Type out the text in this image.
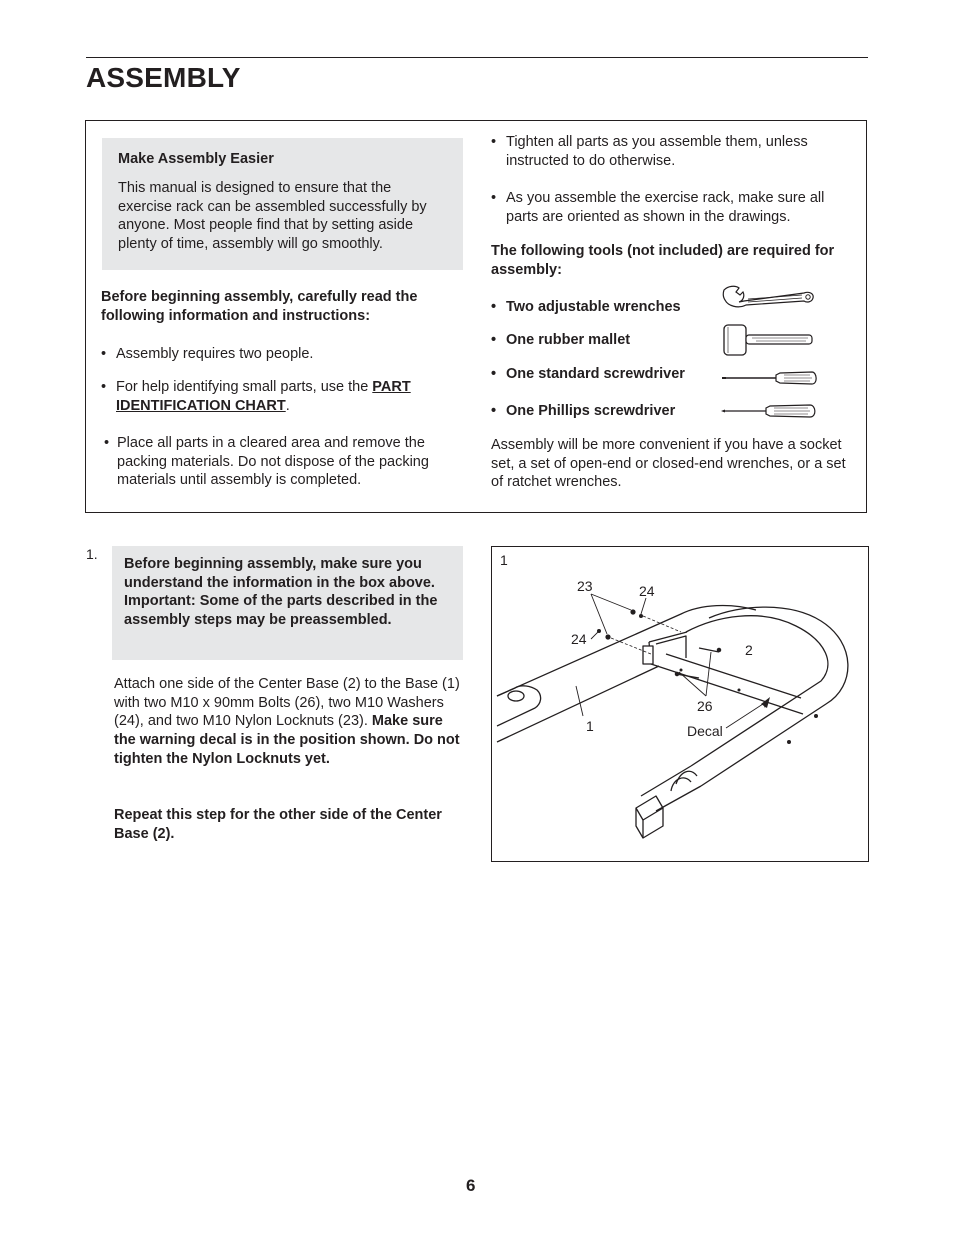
ASSEMBLY
Make Assembly Easier

This manual is designed to ensure that the exercise rack can be assembled successfully by anyone. Most people find that by setting aside plenty of time, assembly will go smoothly.

Before beginning assembly, carefully read the following information and instructions:

• Assembly requires two people.
• For help identifying small parts, use the PART IDENTIFICATION CHART.
• Place all parts in a cleared area and remove the packing materials. Do not dispose of the packing materials until assembly is completed.
• Tighten all parts as you assemble them, unless instructed to do otherwise.
• As you assemble the exercise rack, make sure all parts are oriented as shown in the drawings.

The following tools (not included) are required for assembly:

• Two adjustable wrenches
• One rubber mallet
• One standard screwdriver
• One Phillips screwdriver

Assembly will be more convenient if you have a socket set, a set of open-end or closed-end wrenches, or a set of ratchet wrenches.

1.

Before beginning assembly, make sure you understand the information in the box above. Important: Some of the parts described in the assembly steps may be preassembled.

Attach one side of the Center Base (2) to the Base (1) with two M10 x 90mm Bolts (26), two M10 Washers (24), and two M10 Nylon Locknuts (23). Make sure the warning decal is in the position shown. Do not tighten the Nylon Locknuts yet.

Repeat this step for the other side of the Center Base (2).

1
23	24
24
2
26
1	Decal
6
